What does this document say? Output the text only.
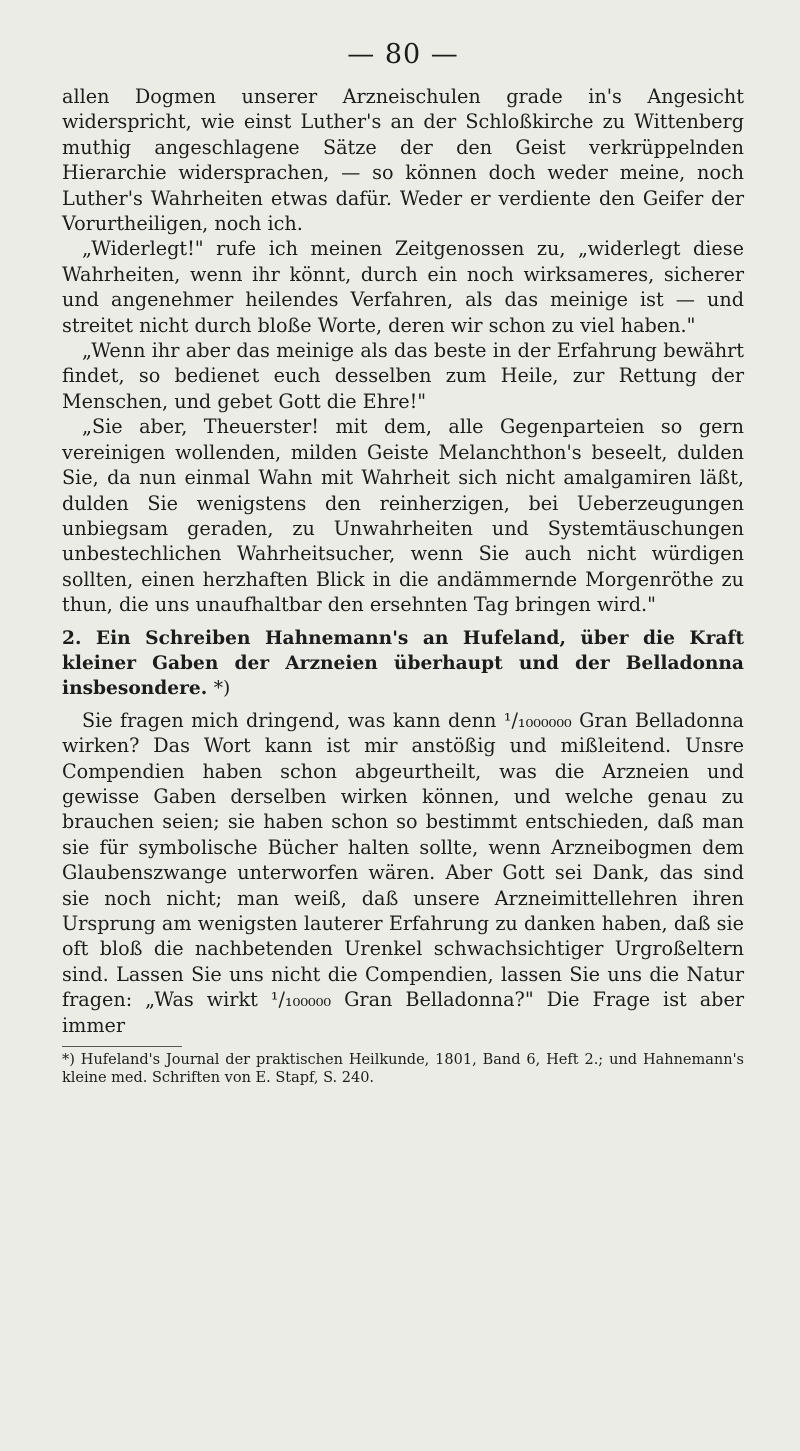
— 80 —

allen Dogmen unserer Arzneischulen grade in's Angesicht widerspricht, wie einst Luther's an der Schloßkirche zu Wittenberg muthig angeschlagene Sätze der den Geist verkrüppelnden Hierarchie widersprachen, — so können doch weder meine, noch Luther's Wahrheiten etwas dafür. Weder er verdiente den Geifer der Vorurtheiligen, noch ich.

„Widerlegt!" rufe ich meinen Zeitgenossen zu, „widerlegt diese Wahrheiten, wenn ihr könnt, durch ein noch wirksameres, sicherer und angenehmer heilendes Verfahren, als das meinige ist — und streitet nicht durch bloße Worte, deren wir schon zu viel haben."

„Wenn ihr aber das meinige als das beste in der Erfahrung bewährt findet, so bedienet euch desselben zum Heile, zur Rettung der Menschen, und gebet Gott die Ehre!"

„Sie aber, Theuerster! mit dem, alle Gegenparteien so gern vereinigen wollenden, milden Geiste Melanchthon's beseelt, dulden Sie, da nun einmal Wahn mit Wahrheit sich nicht amalgamiren läßt, dulden Sie wenigstens den reinherzigen, bei Ueberzeugungen unbiegsam geraden, zu Unwahrheiten und Systemtäuschungen unbestechlichen Wahrheitsucher, wenn Sie auch nicht würdigen sollten, einen herzhaften Blick in die andämmernde Morgenröthe zu thun, die uns unaufhaltbar den ersehnten Tag bringen wird."

2. Ein Schreiben Hahnemann's an Hufeland, über die Kraft kleiner Gaben der Arzneien überhaupt und der Belladonna insbesondere. *)

Sie fragen mich dringend, was kann denn ¹/₁₀₀₀₀₀₀ Gran Belladonna wirken? Das Wort kann ist mir anstößig und mißleitend. Unsre Compendien haben schon abgeurtheilt, was die Arzneien und gewisse Gaben derselben wirken können, und welche genau zu brauchen seien; sie haben schon so bestimmt entschieden, daß man sie für symbolische Bücher halten sollte, wenn Arzneibogmen dem Glaubenszwange unterworfen wären. Aber Gott sei Dank, das sind sie noch nicht; man weiß, daß unsere Arzneimittellehren ihren Ursprung am wenigsten lauterer Erfahrung zu danken haben, daß sie oft bloß die nachbetenden Urenkel schwachsichtiger Urgroßeltern sind. Lassen Sie uns nicht die Compendien, lassen Sie uns die Natur fragen: „Was wirkt ¹/₁₀₀₀₀₀ Gran Belladonna?" Die Frage ist aber immer

*) Hufeland's Journal der praktischen Heilkunde, 1801, Band 6, Heft 2.; und Hahnemann's kleine med. Schriften von E. Stapf, S. 240.
